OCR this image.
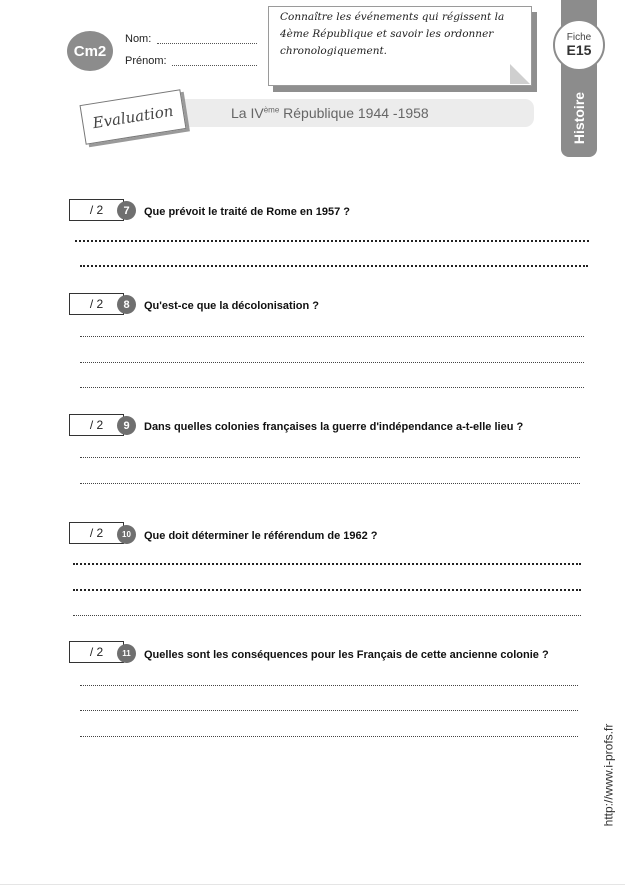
Cm2
Nom:
Prénom:
Connaître les événements qui régissent la 4ème République et savoir les ordonner chronologiquement.
Fiche
E15
Histoire
La IVème République 1944 -1958
Evaluation
/ 2	7	Que prévoit le traité de Rome en 1957 ?
/ 2	8	Qu'est-ce que la décolonisation ?
/ 2	9	Dans quelles colonies françaises la guerre d'indépendance a-t-elle lieu ?
/ 2	10	Que doit déterminer le référendum de 1962 ?
/ 2	11	Quelles sont les conséquences pour les Français de cette ancienne colonie ?
http://www.i-profs.fr
